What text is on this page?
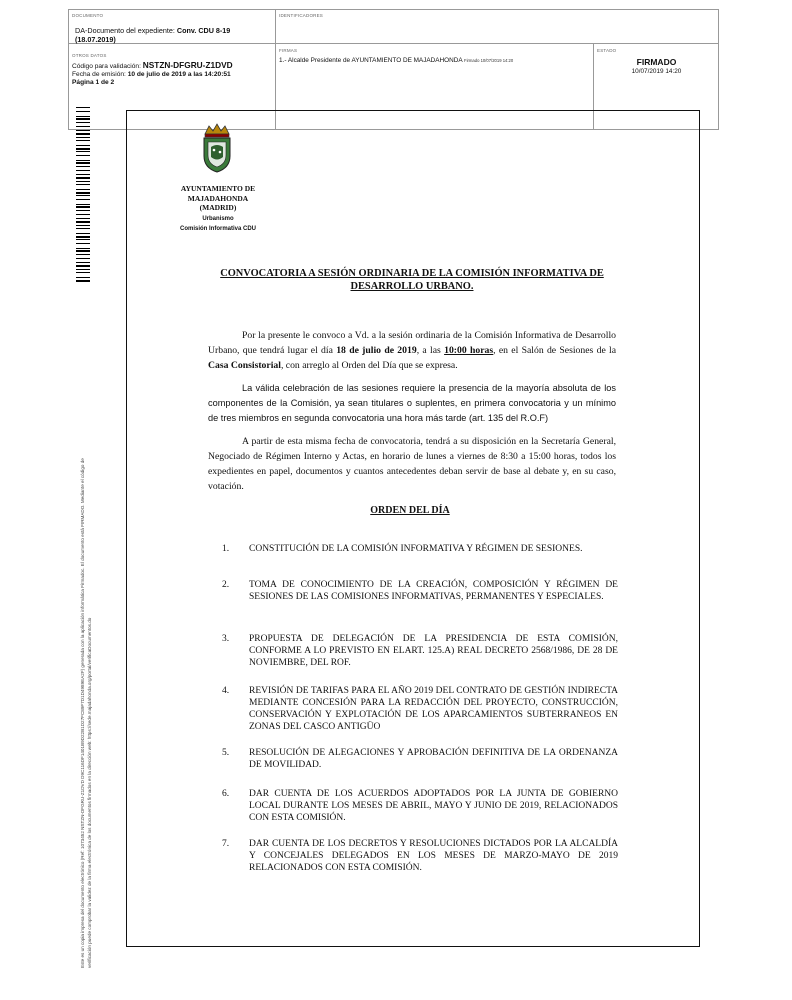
DOCUMENTO
DA-Documento del expediente: Conv. CDU 8-19
(18.07.2019)
IDENTIFICADORES
OTROS DATOS
Código para validación: NSTZN-DFGRU-Z1DVD
Fecha de emisión: 10 de julio de 2019 a las 14:20:51
Página 1 de 2
FIRMAS
1.- Alcalde Presidente de AYUNTAMIENTO DE MAJADAHONDA Firmado 10/07/2019 14:20
ESTADO
FIRMADO
10/07/2019 14:20
Este es un copia impresa del documento electrónico (Ref: 1073452 NSTZN-DFGRU-Z1DVD D9C116DF1401B9D22B1D27FC89F7D1D4989EA2F) generada con la aplicación informática Firmadoc. El documento está FIRMADO. Mediante el código de verificación puede comprobar la validez de la firma electrónica de los documentos firmados en la dirección web: https://sede.majadahonda.org/portal/verificaDocumentos.do
AYUNTAMIENTO DE
MAJADAHONDA
(MADRID)
Urbanismo
Comisión Informativa CDU
CONVOCATORIA A SESIÓN ORDINARIA DE LA COMISIÓN INFORMATIVA DE
DESARROLLO URBANO.

Por la presente le convoco a Vd. a la sesión ordinaria de la Comisión Informativa de Desarrollo Urbano, que tendrá lugar el día 18 de julio de 2019, a las 10:00 horas, en el Salón de Sesiones de la Casa Consistorial, con arreglo al Orden del Día que se expresa.

La válida celebración de las sesiones requiere la presencia de la mayoría absoluta de los componentes de la Comisión, ya sean titulares o suplentes, en primera convocatoria y un mínimo de tres miembros en segunda convocatoria una hora más tarde (art. 135 del R.O.F)

A partir de esta misma fecha de convocatoria, tendrá a su disposición en la Secretaría General, Negociado de Régimen Interno y Actas, en horario de lunes a viernes de 8:30 a 15:00 horas, todos los expedientes en papel, documentos y cuantos antecedentes deban servir de base al debate y, en su caso, votación.

ORDEN DEL DÍA
1. CONSTITUCIÓN DE LA COMISIÓN INFORMATIVA Y RÉGIMEN DE SESIONES.
2. TOMA DE CONOCIMIENTO DE LA CREACIÓN, COMPOSICIÓN Y RÉGIMEN DE SESIONES DE LAS COMISIONES INFORMATIVAS, PERMANENTES Y ESPECIALES.
3. PROPUESTA DE DELEGACIÓN DE LA PRESIDENCIA DE ESTA COMISIÓN, CONFORME A LO PREVISTO EN ELART. 125.A) REAL DECRETO 2568/1986, DE 28 DE NOVIEMBRE, DEL ROF.
4. REVISIÓN DE TARIFAS PARA EL AÑO 2019 DEL CONTRATO DE GESTIÓN INDIRECTA MEDIANTE CONCESIÓN PARA LA REDACCIÓN DEL PROYECTO, CONSTRUCCIÓN, CONSERVACIÓN Y EXPLOTACIÓN DE LOS APARCAMIENTOS SUBTERRANEOS EN ZONAS DEL CASCO ANTIGÜO
5. RESOLUCIÓN DE ALEGACIONES Y APROBACIÓN DEFINITIVA DE LA ORDENANZA DE MOVILIDAD.
6. DAR CUENTA DE LOS ACUERDOS ADOPTADOS POR LA JUNTA DE GOBIERNO LOCAL DURANTE LOS MESES DE ABRIL, MAYO Y JUNIO DE 2019, RELACIONADOS CON ESTA COMISIÓN.
7. DAR CUENTA DE LOS DECRETOS Y RESOLUCIONES DICTADOS POR LA ALCALDÍA Y CONCEJALES DELEGADOS EN LOS MESES DE MARZO-MAYO DE 2019 RELACIONADOS CON ESTA COMISIÓN.
